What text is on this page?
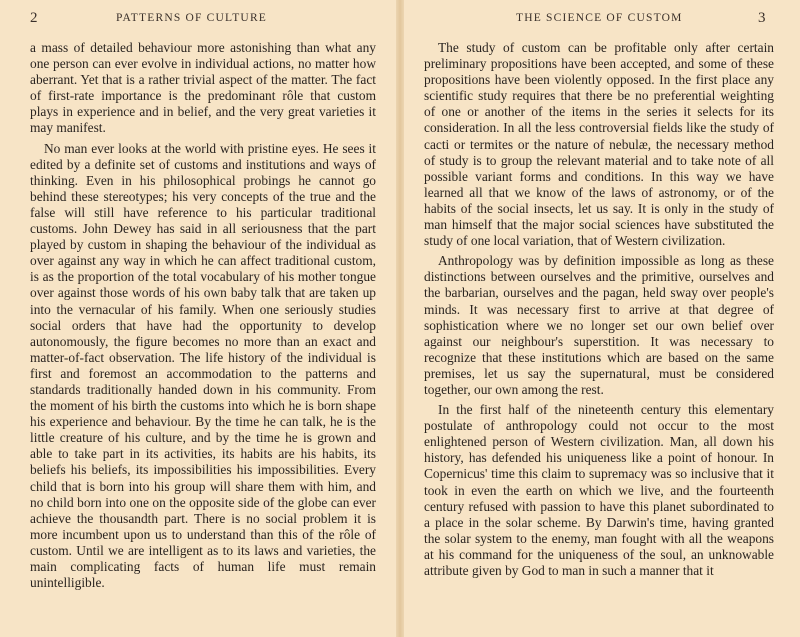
2	PATTERNS OF CULTURE

a mass of detailed behaviour more astonishing than what any one person can ever evolve in individual actions, no matter how aberrant. Yet that is a rather trivial aspect of the matter. The fact of first-rate importance is the predominant rôle that custom plays in experience and in belief, and the very great varieties it may manifest.

No man ever looks at the world with pristine eyes. He sees it edited by a definite set of customs and institutions and ways of thinking. Even in his philosophical probings he cannot go behind these stereotypes; his very concepts of the true and the false will still have reference to his particular traditional customs. John Dewey has said in all seriousness that the part played by custom in shaping the behaviour of the individual as over against any way in which he can affect traditional custom, is as the proportion of the total vocabulary of his mother tongue over against those words of his own baby talk that are taken up into the vernacular of his family. When one seriously studies social orders that have had the opportunity to develop autonomously, the figure becomes no more than an exact and matter-of-fact observation. The life history of the individual is first and foremost an accommodation to the patterns and standards traditionally handed down in his community. From the moment of his birth the customs into which he is born shape his experience and behaviour. By the time he can talk, he is the little creature of his culture, and by the time he is grown and able to take part in its activities, its habits are his habits, its beliefs his beliefs, its impossibilities his impossibilities. Every child that is born into his group will share them with him, and no child born into one on the opposite side of the globe can ever achieve the thousandth part. There is no social problem it is more incumbent upon us to understand than this of the rôle of custom. Until we are intelligent as to its laws and varieties, the main complicating facts of human life must remain unintelligible.

THE SCIENCE OF CUSTOM	3

The study of custom can be profitable only after certain preliminary propositions have been accepted, and some of these propositions have been violently opposed. In the first place any scientific study requires that there be no preferential weighting of one or another of the items in the series it selects for its consideration. In all the less controversial fields like the study of cacti or termites or the nature of nebulæ, the necessary method of study is to group the relevant material and to take note of all possible variant forms and conditions. In this way we have learned all that we know of the laws of astronomy, or of the habits of the social insects, let us say. It is only in the study of man himself that the major social sciences have substituted the study of one local variation, that of Western civilization.

Anthropology was by definition impossible as long as these distinctions between ourselves and the primitive, ourselves and the barbarian, ourselves and the pagan, held sway over people's minds. It was necessary first to arrive at that degree of sophistication where we no longer set our own belief over against our neighbour's superstition. It was necessary to recognize that these institutions which are based on the same premises, let us say the supernatural, must be considered together, our own among the rest.

In the first half of the nineteenth century this elementary postulate of anthropology could not occur to the most enlightened person of Western civilization. Man, all down his history, has defended his uniqueness like a point of honour. In Copernicus' time this claim to supremacy was so inclusive that it took in even the earth on which we live, and the fourteenth century refused with passion to have this planet subordinated to a place in the solar scheme. By Darwin's time, having granted the solar system to the enemy, man fought with all the weapons at his command for the uniqueness of the soul, an unknowable attribute given by God to man in such a manner that it
